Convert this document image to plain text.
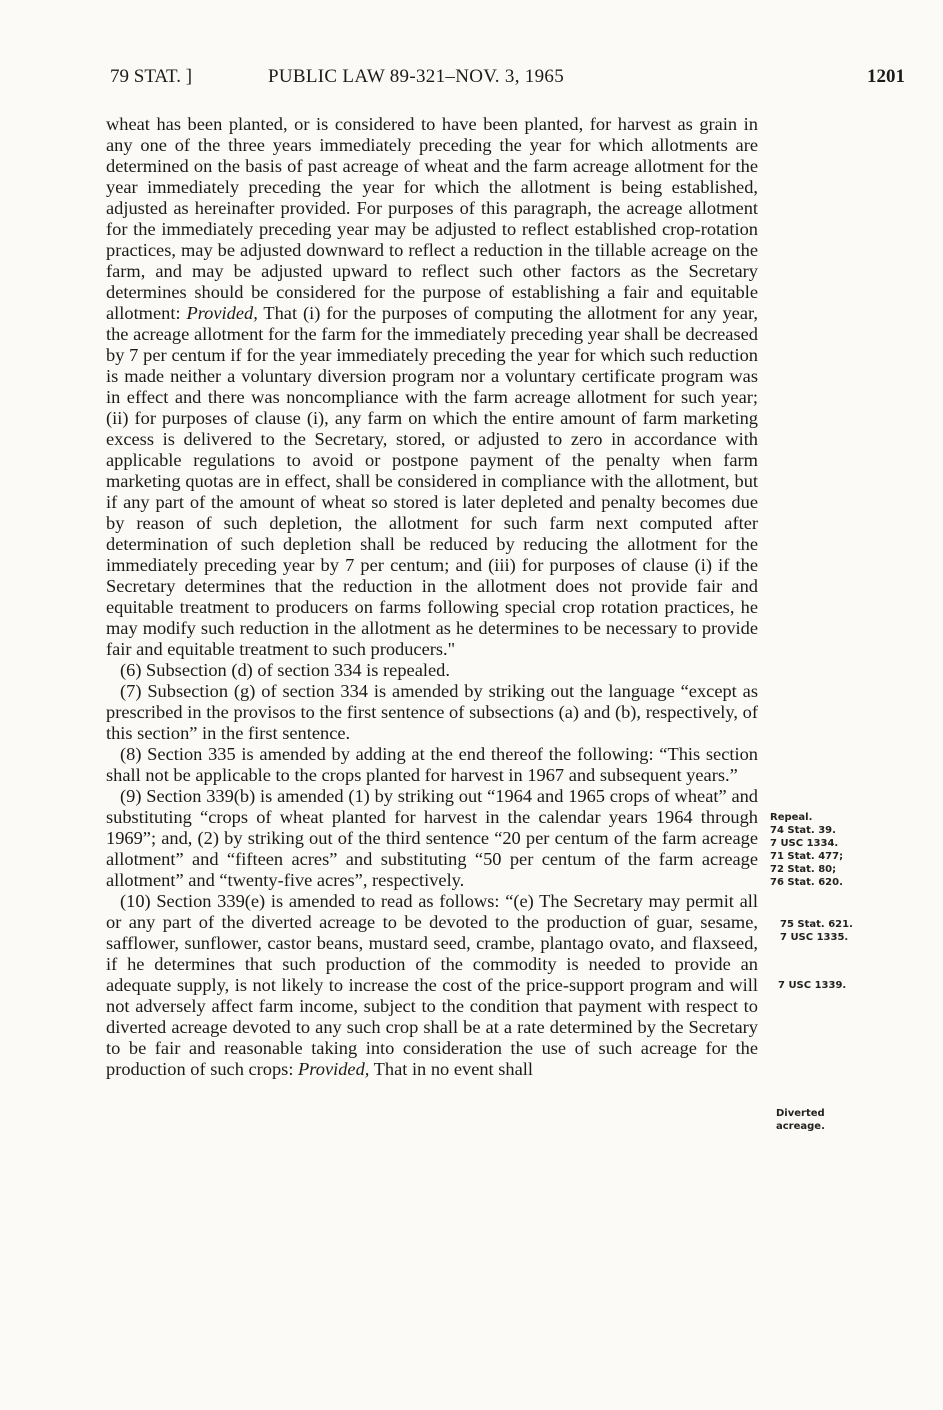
79 STAT. ]	PUBLIC LAW 89-321–NOV. 3, 1965	1201

wheat has been planted, or is considered to have been planted, for harvest as grain in any one of the three years immediately preceding the year for which allotments are determined on the basis of past acreage of wheat and the farm acreage allotment for the year immediately preceding the year for which the allotment is being established, adjusted as hereinafter provided. For purposes of this paragraph, the acreage allotment for the immediately preceding year may be adjusted to reflect established crop-rotation practices, may be adjusted downward to reflect a reduction in the tillable acreage on the farm, and may be adjusted upward to reflect such other factors as the Secretary determines should be considered for the purpose of establishing a fair and equitable allotment: Provided, That (i) for the purposes of computing the allotment for any year, the acreage allotment for the farm for the immediately preceding year shall be decreased by 7 per centum if for the year immediately preceding the year for which such reduction is made neither a voluntary diversion program nor a voluntary certificate program was in effect and there was noncompliance with the farm acreage allotment for such year; (ii) for purposes of clause (i), any farm on which the entire amount of farm marketing excess is delivered to the Secretary, stored, or adjusted to zero in accordance with applicable regulations to avoid or postpone payment of the penalty when farm marketing quotas are in effect, shall be considered in compliance with the allotment, but if any part of the amount of wheat so stored is later depleted and penalty becomes due by reason of such depletion, the allotment for such farm next computed after determination of such depletion shall be reduced by reducing the allotment for the immediately preceding year by 7 per centum; and (iii) for purposes of clause (i) if the Secretary determines that the reduction in the allotment does not provide fair and equitable treatment to producers on farms following special crop rotation practices, he may modify such reduction in the allotment as he determines to be necessary to provide fair and equitable treatment to such producers."

(6) Subsection (d) of section 334 is repealed.

(7) Subsection (g) of section 334 is amended by striking out the language “except as prescribed in the provisos to the first sentence of subsections (a) and (b), respectively, of this section” in the first sentence.

(8) Section 335 is amended by adding at the end thereof the following: “This section shall not be applicable to the crops planted for harvest in 1967 and subsequent years.”

(9) Section 339(b) is amended (1) by striking out “1964 and 1965 crops of wheat” and substituting “crops of wheat planted for harvest in the calendar years 1964 through 1969”; and, (2) by striking out of the third sentence “20 per centum of the farm acreage allotment” and “fifteen acres” and substituting “50 per centum of the farm acreage allotment” and “twenty-five acres”, respectively.

(10) Section 339(e) is amended to read as follows: “(e) The Secretary may permit all or any part of the diverted acreage to be devoted to the production of guar, sesame, safflower, sunflower, castor beans, mustard seed, crambe, plantago ovato, and flaxseed, if he determines that such production of the commodity is needed to provide an adequate supply, is not likely to increase the cost of the price-support program and will not adversely affect farm income, subject to the condition that payment with respect to diverted acreage devoted to any such crop shall be at a rate determined by the Secretary to be fair and reasonable taking into consideration the use of such acreage for the production of such crops: Provided, That in no event shall

Repeal.
74 Stat. 39.
7 USC 1334.
71 Stat. 477;
72 Stat. 80;
76 Stat. 620.
75 Stat. 621.
7 USC 1335.
7 USC 1339.
Diverted
acreage.
